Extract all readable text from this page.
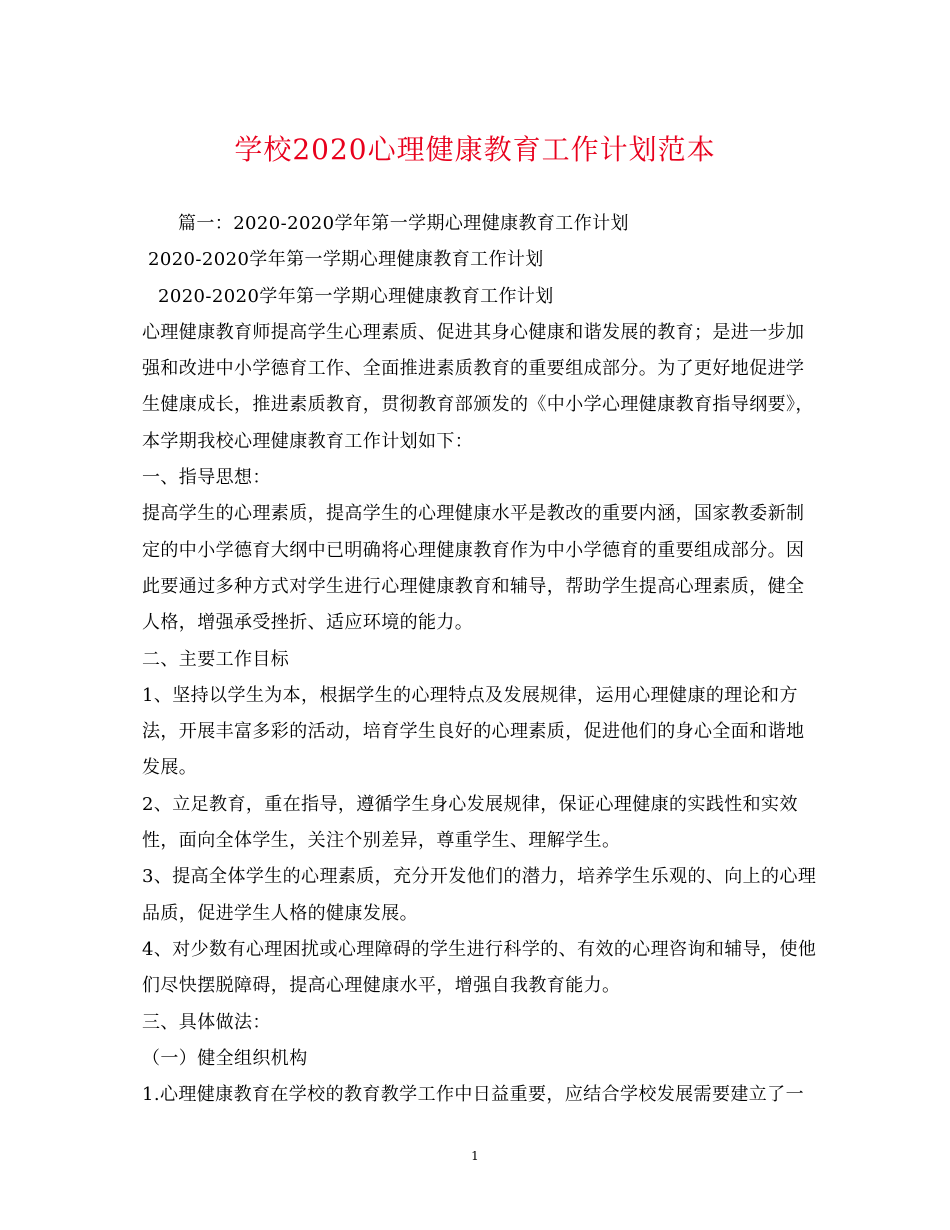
学校2020心理健康教育工作计划范本

篇一：2020-2020学年第一学期心理健康教育工作计划

2020-2020学年第一学期心理健康教育工作计划

2020-2020学年第一学期心理健康教育工作计划

心理健康教育师提高学生心理素质、促进其身心健康和谐发展的教育；是进一步加强和改进中小学德育工作、全面推进素质教育的重要组成部分。为了更好地促进学生健康成长，推进素质教育，贯彻教育部颁发的《中小学心理健康教育指导纲要》，本学期我校心理健康教育工作计划如下：

一、指导思想：

提高学生的心理素质，提高学生的心理健康水平是教改的重要内涵，国家教委新制定的中小学德育大纲中已明确将心理健康教育作为中小学德育的重要组成部分。因此要通过多种方式对学生进行心理健康教育和辅导，帮助学生提高心理素质，健全人格，增强承受挫折、适应环境的能力。

二、主要工作目标

1、坚持以学生为本，根据学生的心理特点及发展规律，运用心理健康的理论和方法，开展丰富多彩的活动，培育学生良好的心理素质，促进他们的身心全面和谐地发展。

2、立足教育，重在指导，遵循学生身心发展规律，保证心理健康的实践性和实效性，面向全体学生，关注个别差异，尊重学生、理解学生。

3、提高全体学生的心理素质，充分开发他们的潜力，培养学生乐观的、向上的心理品质，促进学生人格的健康发展。

4、对少数有心理困扰或心理障碍的学生进行科学的、有效的心理咨询和辅导，使他们尽快摆脱障碍，提高心理健康水平，增强自我教育能力。

三、具体做法：

（一）健全组织机构

1.心理健康教育在学校的教育教学工作中日益重要，应结合学校发展需要建立了一

1
